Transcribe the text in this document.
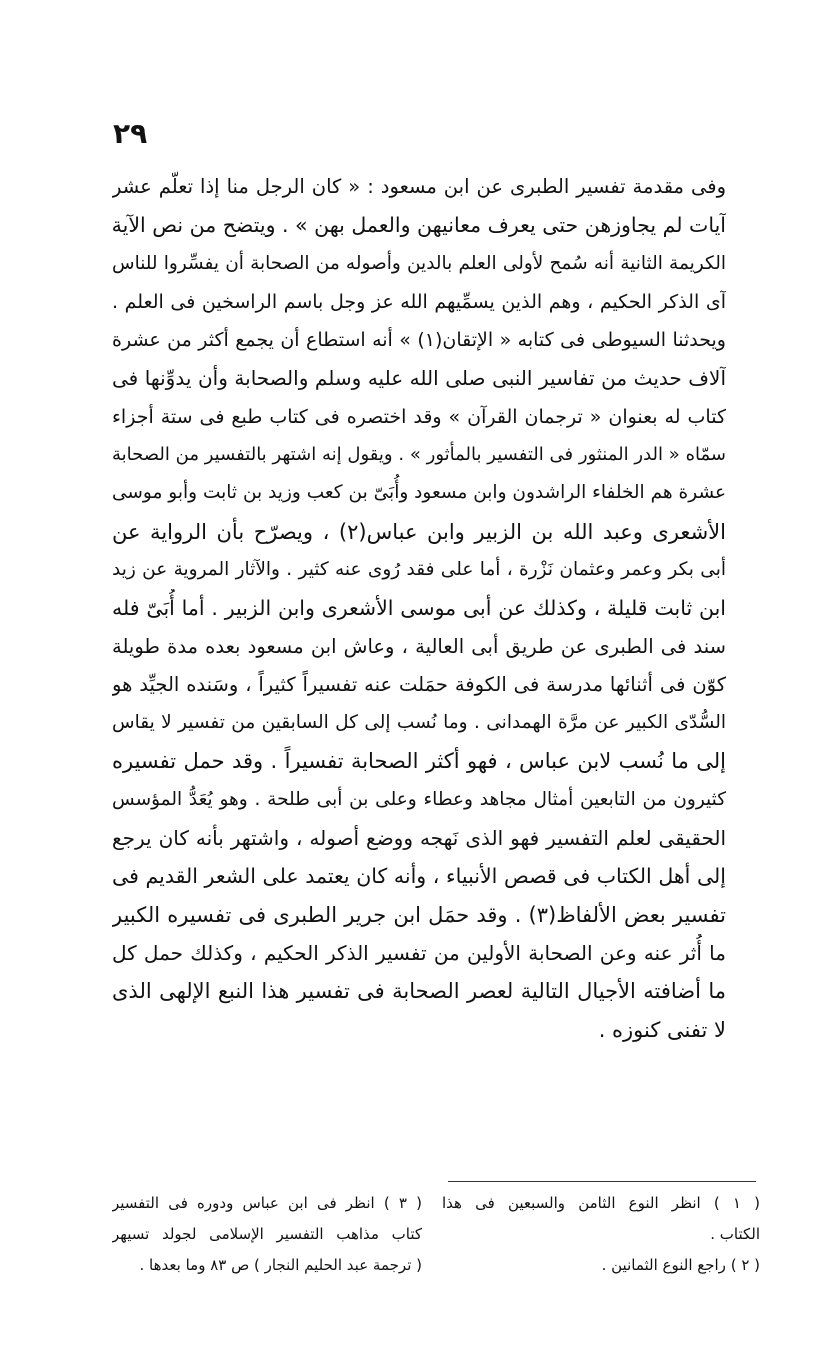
٢٩
وفى مقدمة تفسير الطبرى عن ابن مسعود : « كان الرجل منا إذا تعلّم عشر
آيات لم يجاوزهن حتى يعرف معانيهن والعمل بهن » . ويتضح من نص الآية
الكريمة الثانية أنه سُمح لأولى العلم بالدين وأصوله من الصحابة أن يفسِّروا للناس
آى الذكر الحكيم ، وهم الذين يسمِّيهم الله عز وجل باسم الراسخين فى العلم .
ويحدثنا السيوطى فى كتابه « الإتقان(١) » أنه استطاع أن يجمع أكثر من عشرة
آلاف حديث من تفاسير النبى صلى الله عليه وسلم والصحابة وأن يدوِّنها فى
كتاب له بعنوان « ترجمان القرآن » وقد اختصره فى كتاب طبع فى ستة أجزاء
سمّاه « الدر المنثور فى التفسير بالمأثور » . ويقول إنه اشتهر بالتفسير من الصحابة
عشرة هم الخلفاء الراشدون وابن مسعود وأُبَىّ بن كعب وزيد بن ثابت وأبو موسى
الأشعرى وعبد الله بن الزبير وابن عباس(٢) ، ويصرّح بأن الرواية عن
أبى بكر وعمر وعثمان نَزْرة ، أما على فقد رُوى عنه كثير . والآثار المروية عن زيد
ابن ثابت قليلة ، وكذلك عن أبى موسى الأشعرى وابن الزبير . أما أُبَىّ فله
سند فى الطبرى عن طريق أبى العالية ، وعاش ابن مسعود بعده مدة طويلة
كوّن فى أثنائها مدرسة فى الكوفة حمَلت عنه تفسيراً كثيراً ، وسَنده الجيِّد هو
السُّدّى الكبير عن مرَّة الهمدانى . وما نُسب إلى كل السابقين من تفسير لا يقاس
إلى ما نُسب لابن عباس ، فهو أكثر الصحابة تفسيراً . وقد حمل تفسيره
كثيرون من التابعين أمثال مجاهد وعطاء وعلى بن أبى طلحة . وهو يُعَدُّ المؤسس
الحقيقى لعلم التفسير فهو الذى نَهجه ووضع أصوله ، واشتهر بأنه كان يرجع
إلى أهل الكتاب فى قصص الأنبياء ، وأنه كان يعتمد على الشعر القديم فى
تفسير بعض الألفاظ(٣) . وقد حمَل ابن جرير الطبرى فى تفسيره الكبير
ما أُثر عنه وعن الصحابة الأولين من تفسير الذكر الحكيم ، وكذلك حمل كل
ما أضافته الأجيال التالية لعصر الصحابة فى تفسير هذا النبع الإلهى الذى
لا تفنى كنوزه .
( ١ ) انظر النوع الثامن والسبعين فى هذا
الكتاب .
( ٢ ) راجع النوع الثمانين .
( ٣ ) انظر فى ابن عباس ودوره فى التفسير
كتاب مذاهب التفسير الإسلامى لجولد تسيهر
( ترجمة عبد الحليم النجار ) ص ٨٣ وما بعدها .
